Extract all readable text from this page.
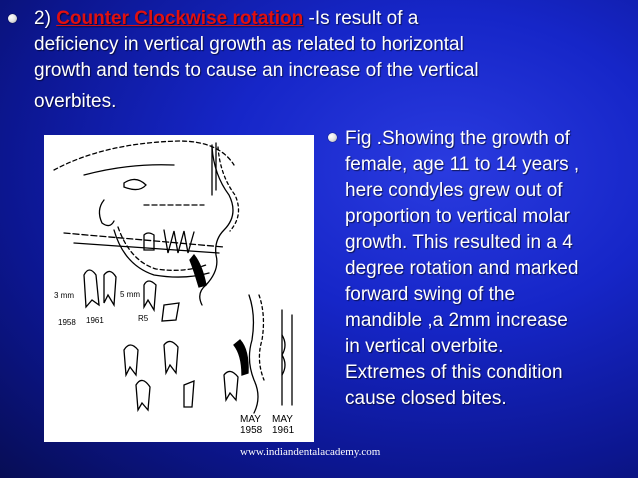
2) Counter Clockwise rotation -Is result of a
deficiency in vertical growth as related to horizontal
growth and tends to cause an increase of the vertical
overbites.
Fig .Showing the growth of
female, age 11 to 14 years ,
here condyles grew out of
proportion to vertical molar
growth. This resulted in a 4
degree rotation and marked
forward swing of the
mandible ,a 2mm increase
in vertical overbite.
Extremes of this condition
cause closed bites.
3 mm	5 mm
1958 1961	R5
MAY MAY
1958 1961
www.indiandentalacademy.com
